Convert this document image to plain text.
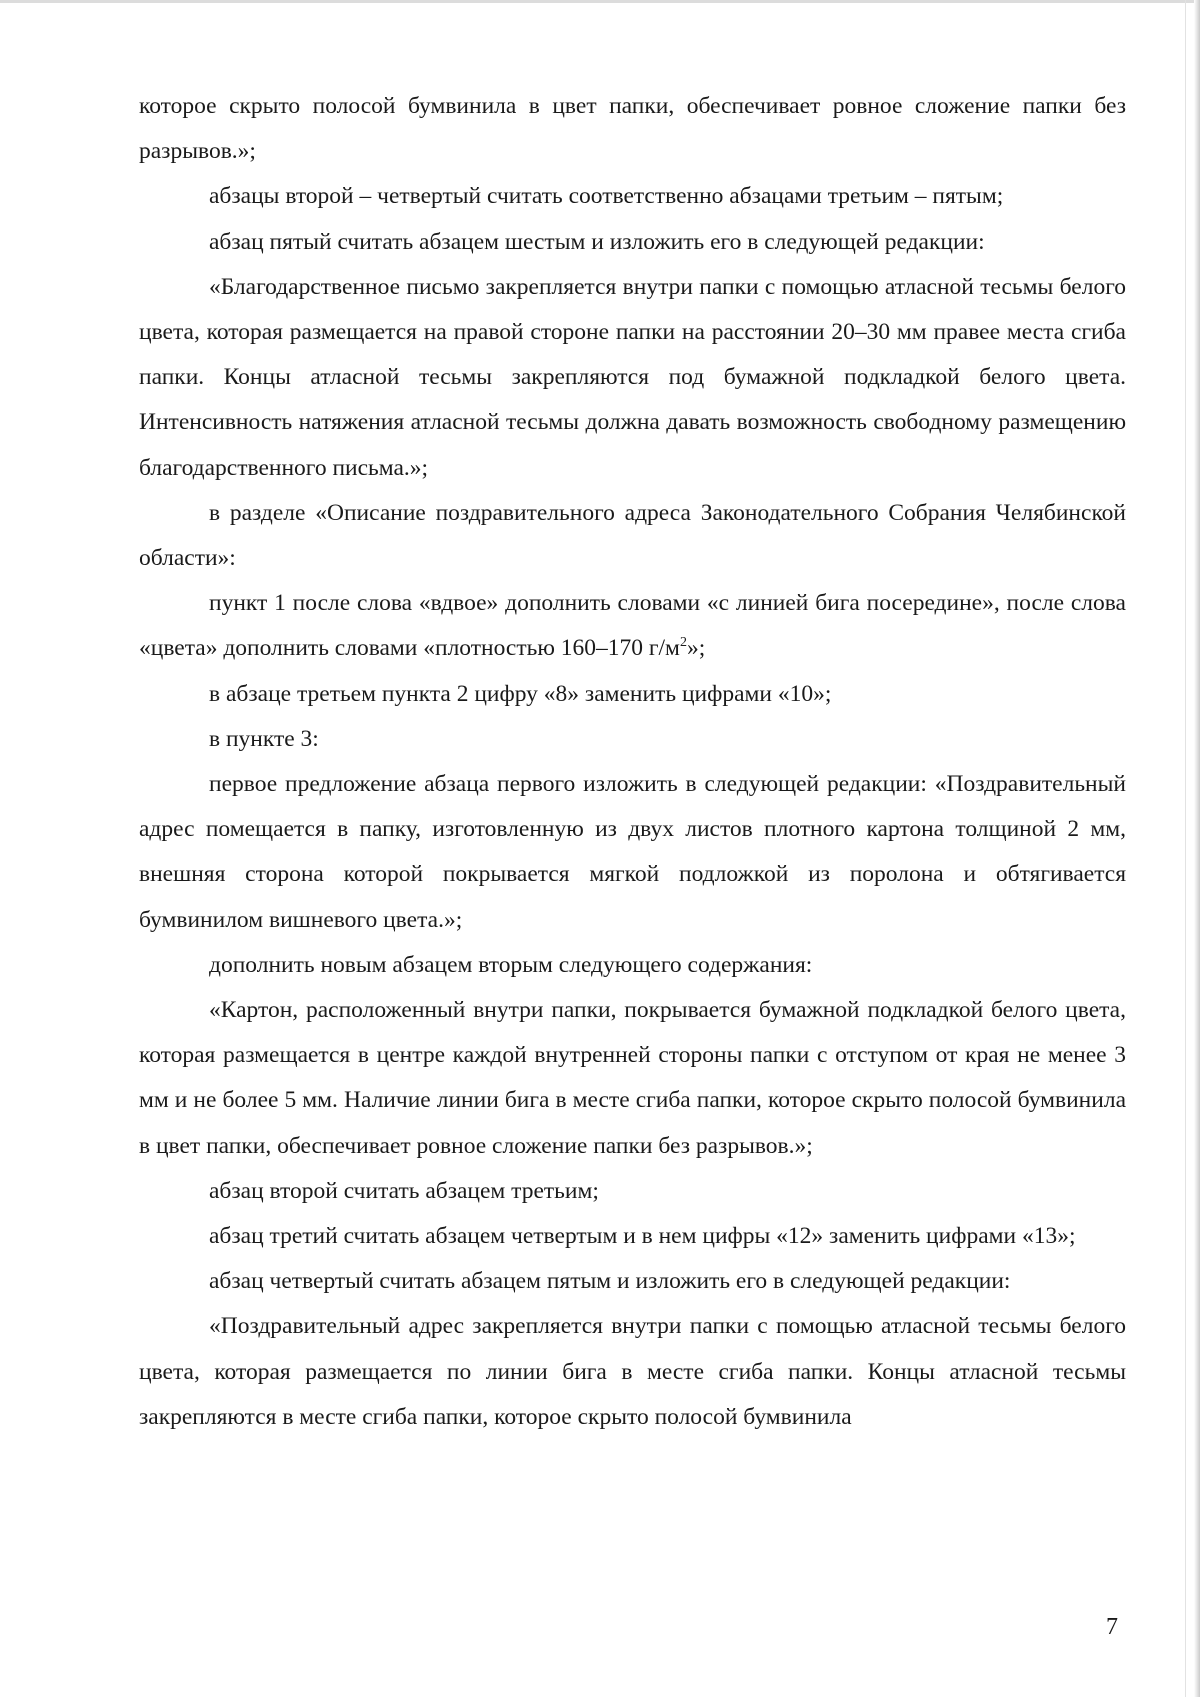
которое скрыто полосой бумвинила в цвет папки, обеспечивает ровное сложение папки без разрывов.»;

абзацы второй – четвертый считать соответственно абзацами третьим – пятым;

абзац пятый считать абзацем шестым и изложить его в следующей редакции:

«Благодарственное письмо закрепляется внутри папки с помощью атласной тесьмы белого цвета, которая размещается на правой стороне папки на расстоянии 20–30 мм правее места сгиба папки. Концы атласной тесьмы закрепляются под бумажной подкладкой белого цвета. Интенсивность натяжения атласной тесьмы должна давать возможность свободному размещению благодарственного письма.»;

в разделе «Описание поздравительного адреса Законодательного Собрания Челябинской области»:

пункт 1 после слова «вдвое» дополнить словами «с линией бига посередине», после слова «цвета» дополнить словами «плотностью 160–170 $г/м^2$»;

в абзаце третьем пункта 2 цифру «8» заменить цифрами «10»;

в пункте 3:

первое предложение абзаца первого изложить в следующей редакции: «Поздравительный адрес помещается в папку, изготовленную из двух листов плотного картона толщиной 2 мм, внешняя сторона которой покрывается мягкой подложкой из поролона и обтягивается бумвинилом вишневого цвета.»;

дополнить новым абзацем вторым следующего содержания:

«Картон, расположенный внутри папки, покрывается бумажной подкладкой белого цвета, которая размещается в центре каждой внутренней стороны папки с отступом от края не менее 3 мм и не более 5 мм. Наличие линии бига в месте сгиба папки, которое скрыто полосой бумвинила в цвет папки, обеспечивает ровное сложение папки без разрывов.»;

абзац второй считать абзацем третьим;

абзац третий считать абзацем четвертым и в нем цифры «12» заменить цифрами «13»;

абзац четвертый считать абзацем пятым и изложить его в следующей редакции:

«Поздравительный адрес закрепляется внутри папки с помощью атласной тесьмы белого цвета, которая размещается по линии бига в месте сгиба папки. Концы атласной тесьмы закрепляются в месте сгиба папки, которое скрыто полосой бумвинила

7
